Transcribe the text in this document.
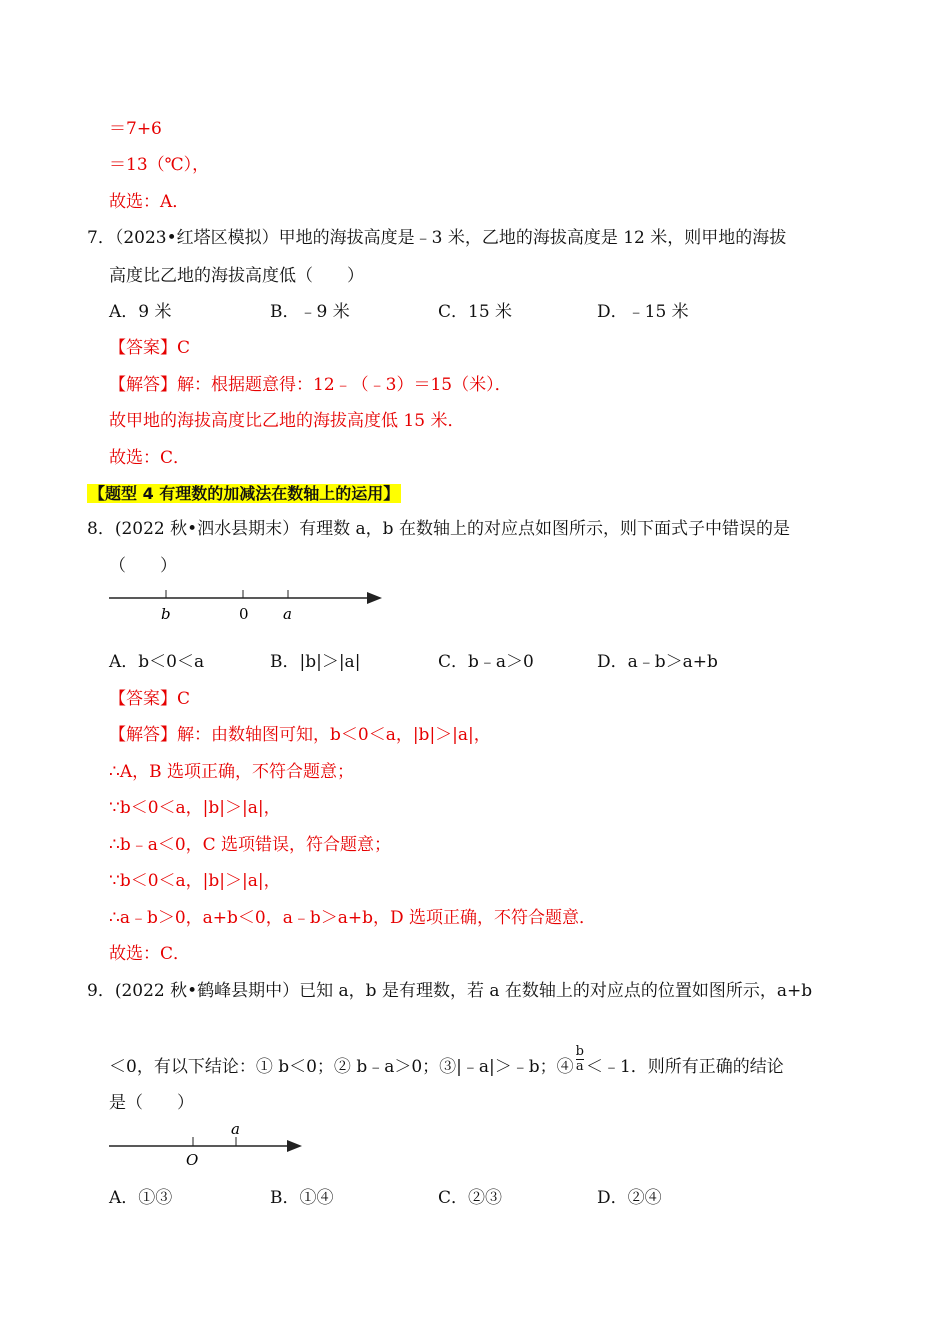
＝7+6
＝13（℃），
故选：A．
7．（2023•红塔区模拟）甲地的海拔高度是﹣3 米，乙地的海拔高度是 12 米，则甲地的海拔
高度比乙地的海拔高度低（　　）
A．9 米	B．﹣9 米	C．15 米	D．﹣15 米
【答案】C
【解答】解：根据题意得：12﹣（﹣3）＝15（米）．
故甲地的海拔高度比乙地的海拔高度低 15 米．
故选：C．
【题型 4 有理数的加减法在数轴上的运用】
8．(2022 秋•泗水县期末）有理数 a，b 在数轴上的对应点如图所示，则下面式子中错误的是
（　　）
b	0 a
A．b＜0＜a	B．|b|＞|a|	C．b﹣a＞0	D．a﹣b＞a+b
【答案】C
【解答】解：由数轴图可知，b＜0＜a，|b|＞|a|，
∴A，B 选项正确，不符合题意；
∵b＜0＜a，|b|＞|a|，
∴b﹣a＜0，C 选项错误，符合题意；
∵b＜0＜a，|b|＞|a|，
∴a﹣b＞0，a+b＜0，a﹣b＞a+b，D 选项正确，不符合题意．
故选：C．
9．(2022 秋•鹤峰县期中）已知 a，b 是有理数，若 a 在数轴上的对应点的位置如图所示，a+b
＜0，有以下结论：① b＜0；② b﹣a＞0；③|﹣a|＞﹣b；④ $\frac{b}{a}$ ＜﹣1．则所有正确的结论
是（　　）
O
a
A．①③	B．①④	C．②③	D．②④
